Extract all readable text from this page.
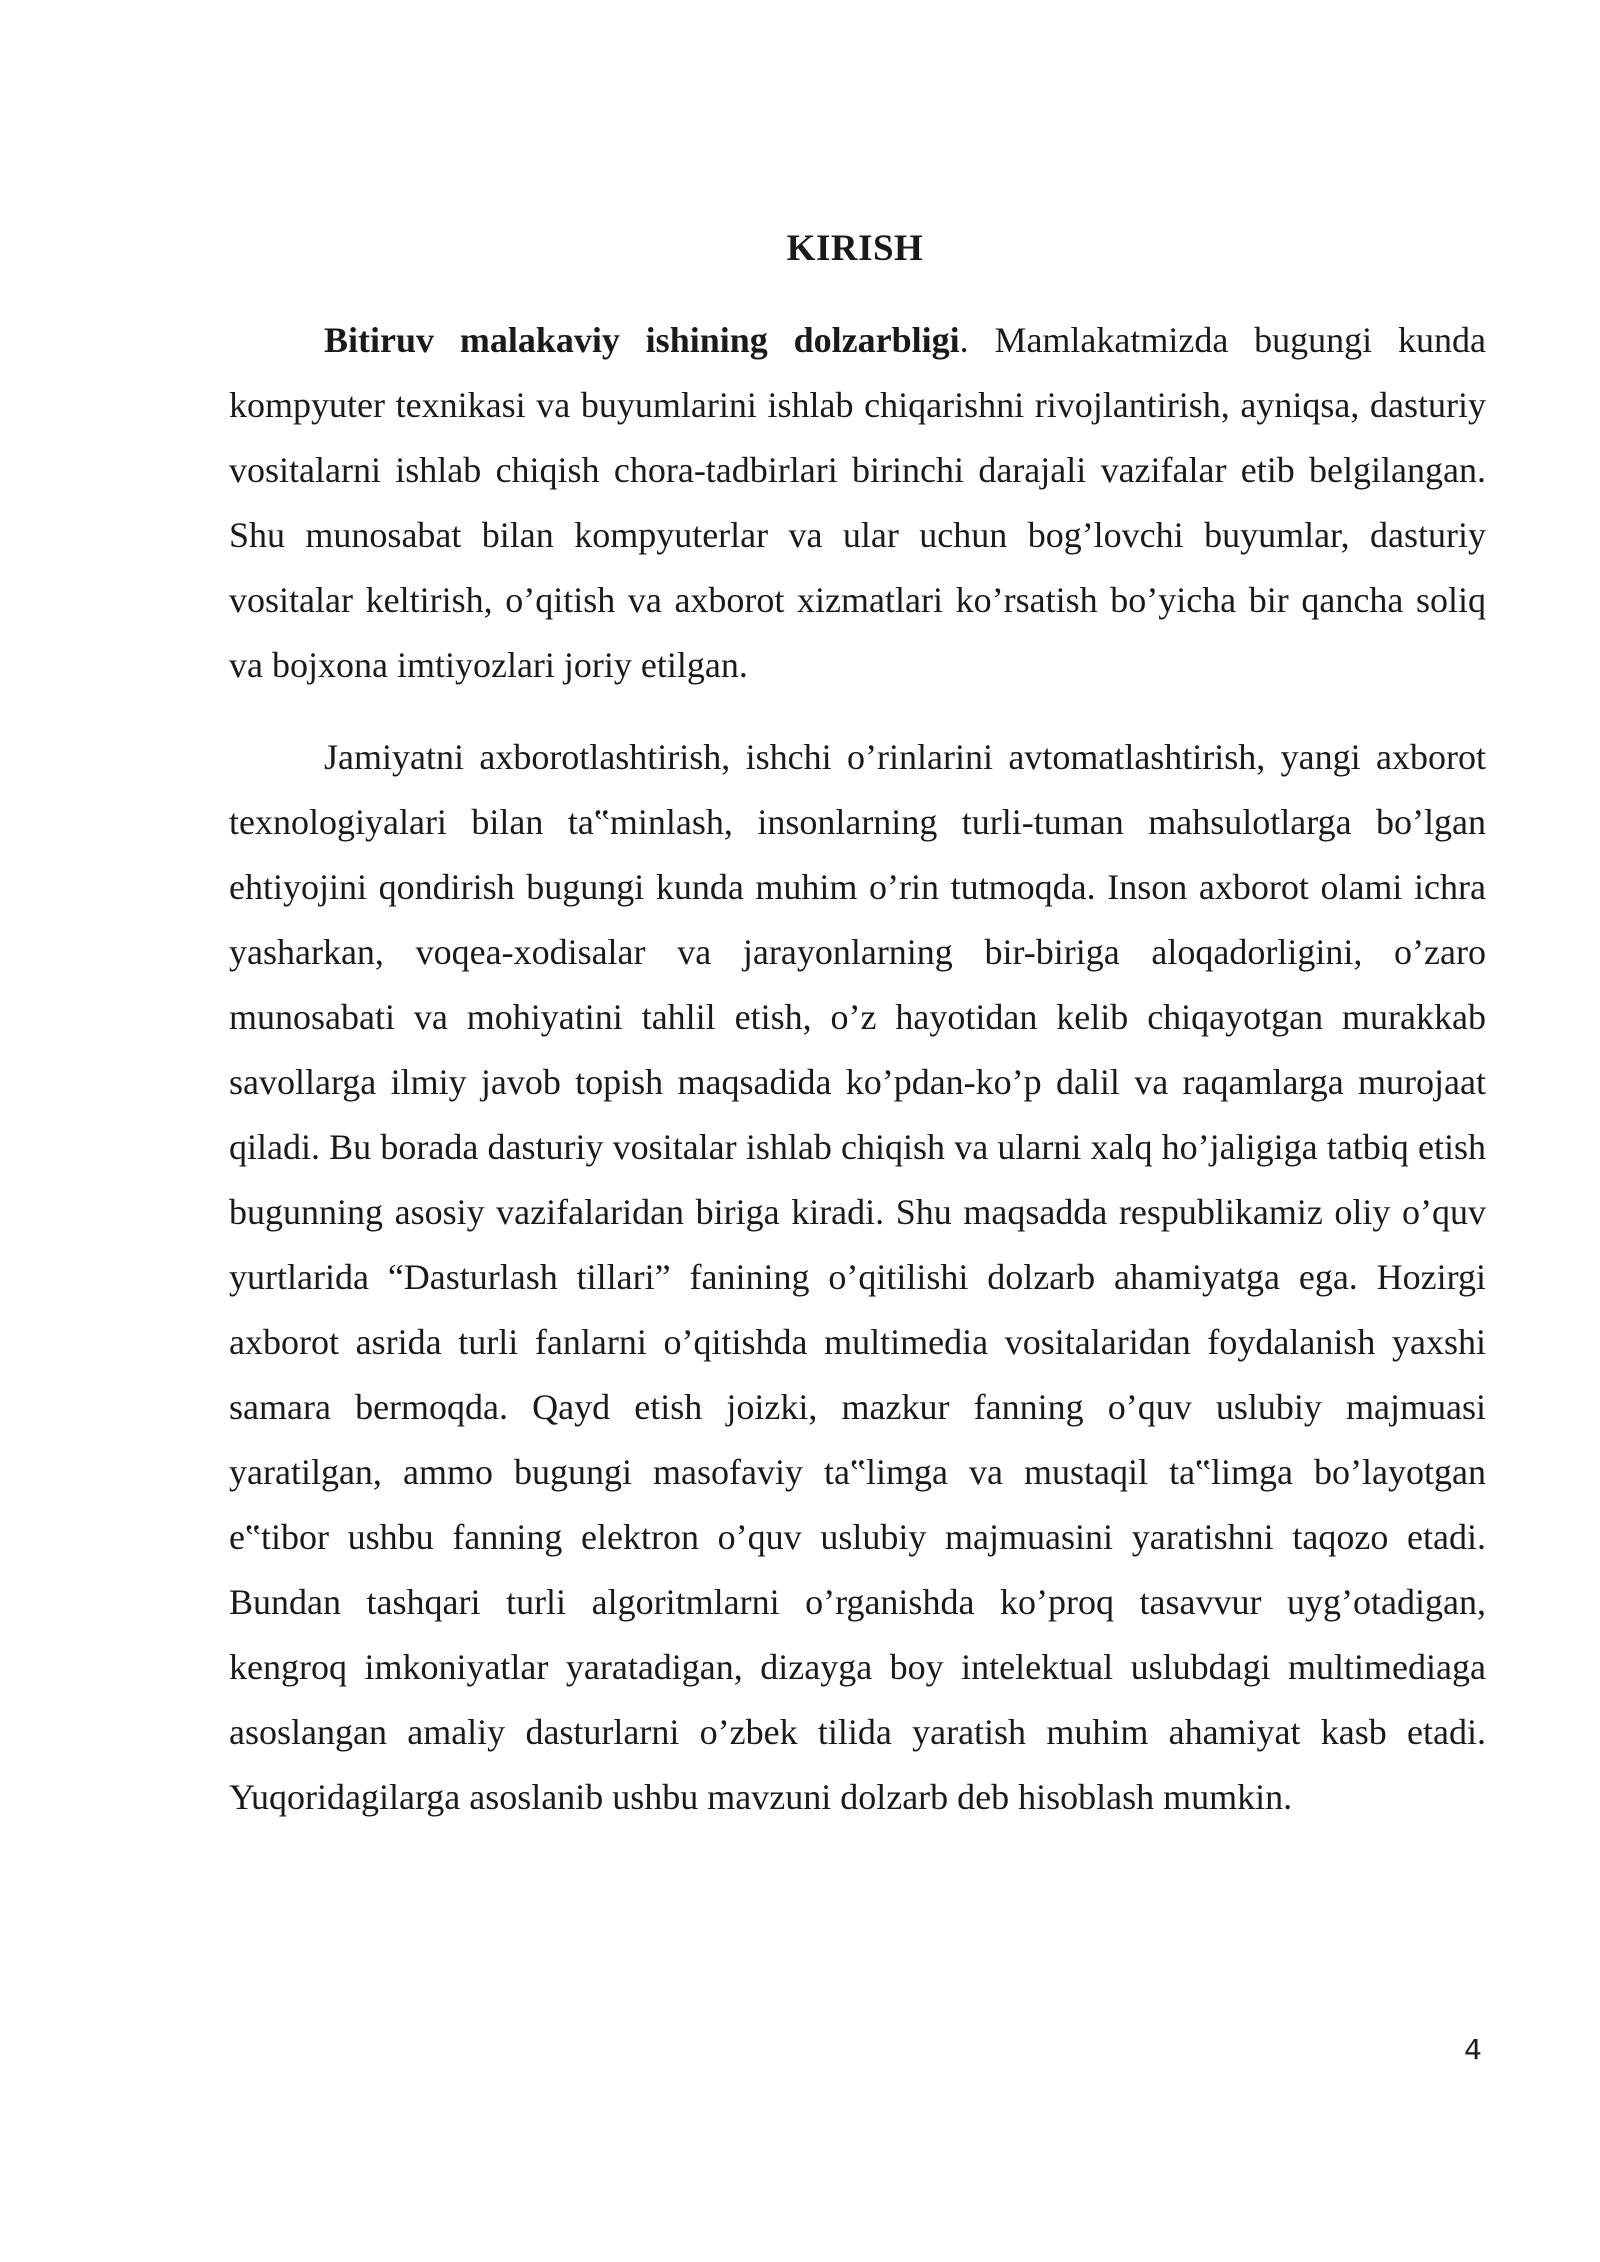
KIRISH

Bitiruv malakaviy ishining dolzarbligi. Mamlakatmizda bugungi kunda kompyuter texnikasi va buyumlarini ishlab chiqarishni rivojlantirish, ayniqsa, dasturiy vositalarni ishlab chiqish chora-tadbirlari birinchi darajali vazifalar etib belgilangan. Shu munosabat bilan kompyuterlar va ular uchun bog’lovchi buyumlar, dasturiy vositalar keltirish, o’qitish va axborot xizmatlari ko’rsatish bo’yicha bir qancha soliq va bojxona imtiyozlari joriy etilgan.

Jamiyatni axborotlashtirish, ishchi o’rinlarini avtomatlashtirish, yangi axborot texnologiyalari bilan ta‟minlash, insonlarning turli-tuman mahsulotlarga bo’lgan ehtiyojini qondirish bugungi kunda muhim o’rin tutmoqda. Inson axborot olami ichra yasharkan, voqea-xodisalar va jarayonlarning bir-biriga aloqadorligini, o’zaro munosabati va mohiyatini tahlil etish, o’z hayotidan kelib chiqayotgan murakkab savollarga ilmiy javob topish maqsadida ko’pdan-ko’p dalil va raqamlarga murojaat qiladi. Bu borada dasturiy vositalar ishlab chiqish va ularni xalq ho’jaligiga tatbiq etish bugunning asosiy vazifalaridan biriga kiradi. Shu maqsadda respublikamiz oliy o’quv yurtlarida “Dasturlash tillari” fanining o’qitilishi dolzarb ahamiyatga ega. Hozirgi axborot asrida turli fanlarni o’qitishda multimedia vositalaridan foydalanish yaxshi samara bermoqda. Qayd etish joizki, mazkur fanning o’quv uslubiy majmuasi yaratilgan, ammo bugungi masofaviy ta‟limga va mustaqil ta‟limga bo’layotgan e‟tibor ushbu fanning elektron o’quv uslubiy majmuasini yaratishni taqozo etadi. Bundan tashqari turli algoritmlarni o’rganishda ko’proq tasavvur uyg’otadigan, kengroq imkoniyatlar yaratadigan, dizayga boy intelektual uslubdagi multimediaga asoslangan amaliy dasturlarni o’zbek tilida yaratish muhim ahamiyat kasb etadi. Yuqoridagilarga asoslanib ushbu mavzuni dolzarb deb hisoblash mumkin.

4
